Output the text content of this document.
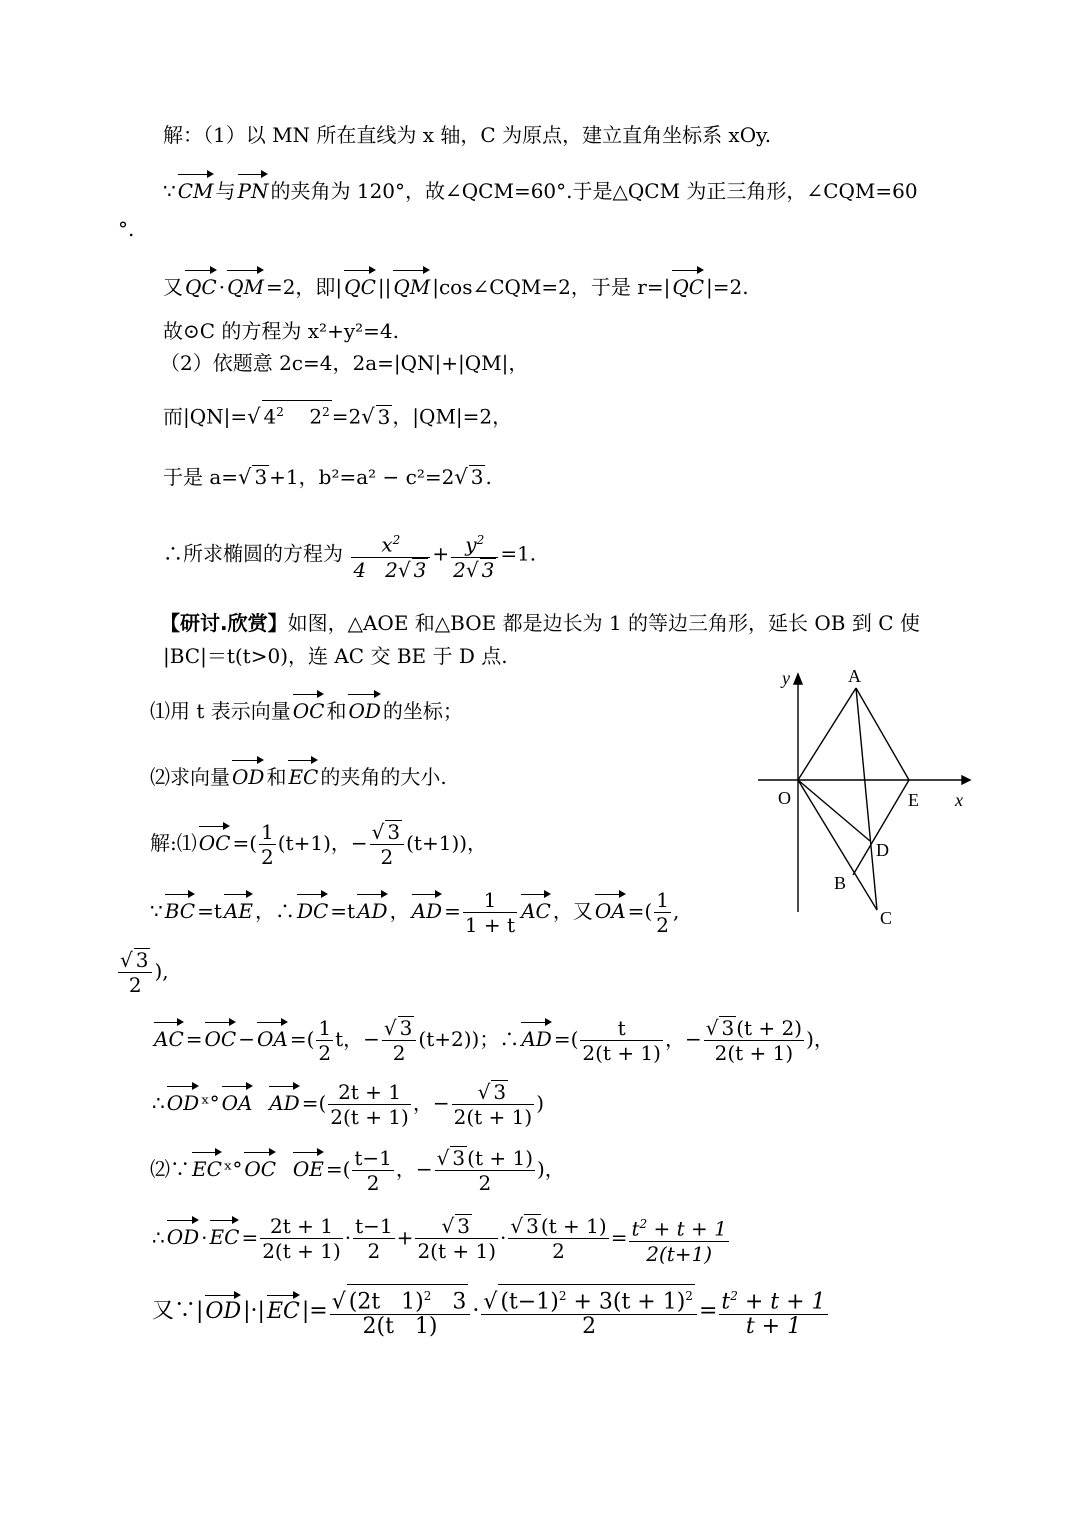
解：（1）以 MN 所在直线为 x 轴，C 为原点，建立直角坐标系 xOy.
∵ CM 与 PN 的夹角为 120°，故∠QCM=60°.于是△QCM 为正三角形，∠CQM=60
°.
又 QC · QM =2，即| QC || QM |cos∠CQM=2，于是 r=| QC |=2.
故⊙C 的方程为 x²+y²=4.
（2）依题意 2c=4，2a=|QN|+|QM|，
而|QN|=√ $4^2$    $2^2 =2√$ 3 ，|QM|=2，
于是 a=√ 3 +1，b²=a² − c²=2√ 3 .
∴所求椭圆的方程为 $\frac{x^2}{4 2√ 3} + \frac{y^2}{2√ 3} =1$.
【研讨.欣赏】如图，△AOE 和△BOE 都是边长为 1 的等边三角形，延长 OB 到 C 使
|BC|＝t(t>0)，连 AC 交 BE 于 D 点.
⑴用 t 表示向量 OC 和 OD 的坐标；
⑵求向量 OD 和 EC 的夹角的大小.
解:⑴ OC =( $\frac{1}{2} (t+1)$，− $\frac{√ 3}{2} (t+1)$)，
∵ BC =t AE ，∴ DC =t AD ， AD = $\frac{1}{1 + t}$ AC ，又 OA =( $\frac{1}{2}$ ,
$\frac{√ 3}{2}$ ),
AC = OC − OA =( $\frac{1}{2}$ t，− $\frac{√ 3}{2} (t+2)$)；∴ AD =( $\frac{t}{2(t + 1)}$ ，− $\frac{√ 3 (t + 2)}{2(t + 1)}$ )，
∴ OD ˣ° OA AD =( $\frac{2t + 1}{2(t + 1)}$ ，− $\frac{√ 3}{2(t + 1)}$ )
⑵∵ EC ˣ° OC OE =( $\frac{t-1}{2}$ ，− $\frac{√ 3 (t + 1)}{2}$ )，
∴ OD · EC = $\frac{2t + 1}{2(t + 1)} \cdot \frac{t-1}{2} + \frac{√ 3}{2(t + 1)} \cdot \frac{√ 3 (t + 1)}{2} = \frac{t^2 + t + 1}{2(t+1)}$
又∵|OD|·|EC|= $\frac{√ (2t 1)^2 3}{2(t 1)} \cdot \frac{√ (t-1)^2 + 3(t + 1)^2}{2} = \frac{t^2 + t + 1}{t + 1}$
y	A
O	E x
D
B
C
